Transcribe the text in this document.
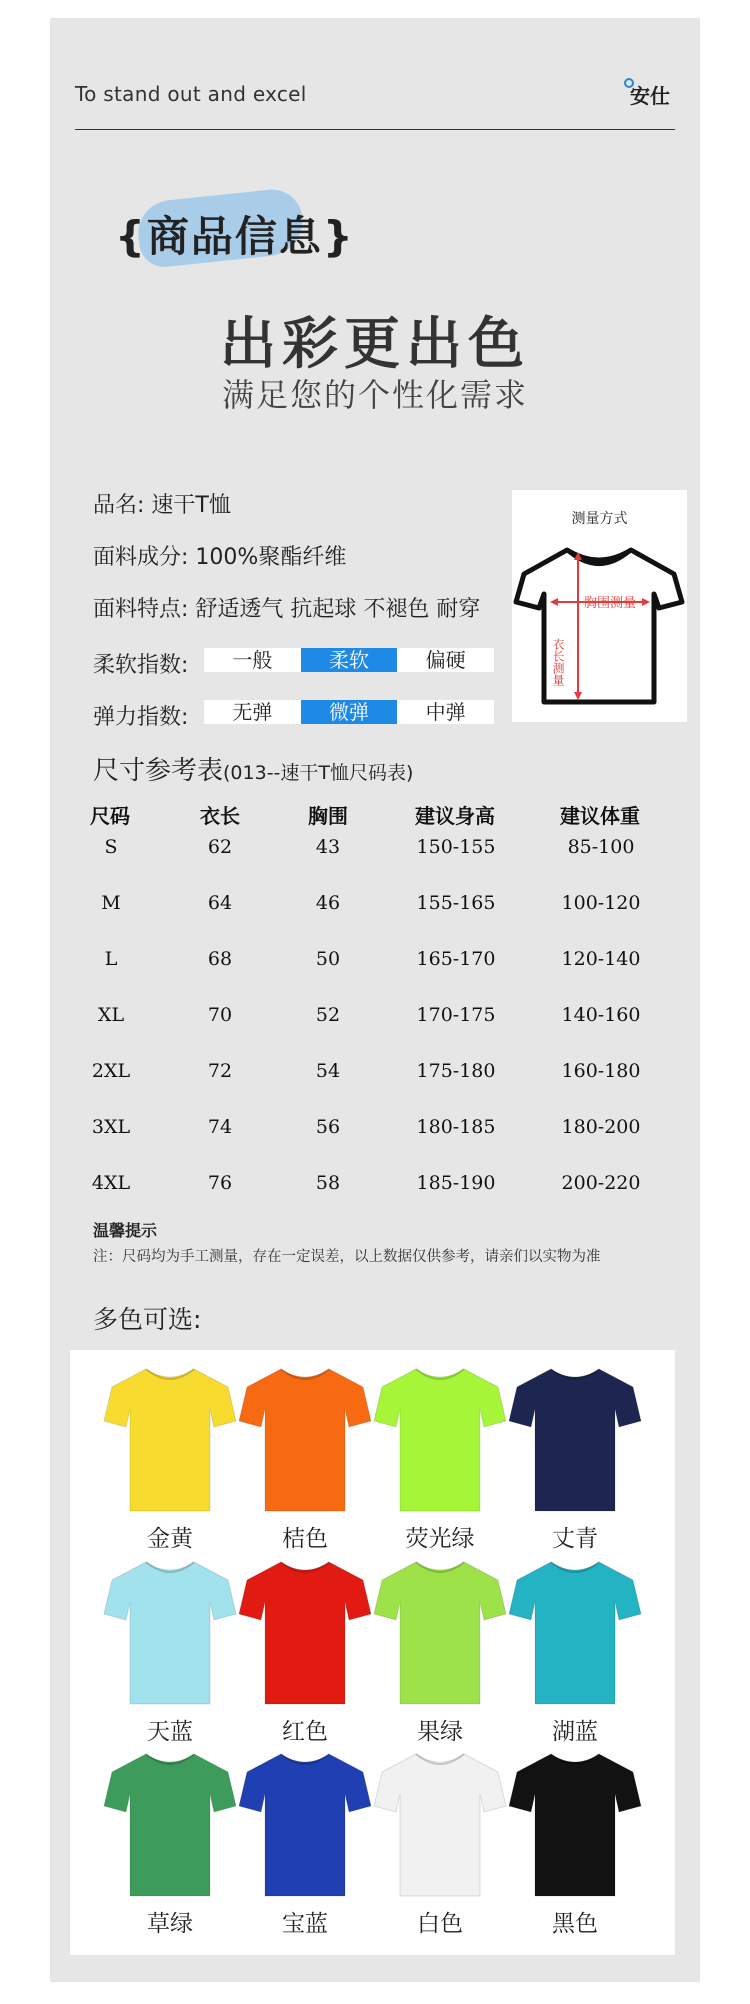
To stand out and excel	安仕
{商品信息}
出彩更出色
满足您的个性化需求
品名: 速干T恤
面料成分: 100%聚酯纤维
面料特点: 舒适透气 抗起球 不褪色 耐穿
柔软指数:	一般	柔软	偏硬
弹力指数:	无弹	微弹	中弹
测量方式
胸围测量
衣长测量
尺寸参考表(013--速干T恤尺码表)
尺码	衣长	胸围	建议身高	建议体重
S	62	43	150-155	85-100
M	64	46	155-165	100-120
L	68	50	165-170	120-140
XL	70	52	170-175	140-160
2XL	72	54	175-180	160-180
3XL	74	56	180-185	180-200
4XL	76	58	185-190	200-220
温馨提示
注：尺码均为手工测量，存在一定误差，以上数据仅供参考，请亲们以实物为准
多色可选:
金黄	桔色	荧光绿	丈青
天蓝	红色	果绿	湖蓝
草绿	宝蓝	白色	黑色
